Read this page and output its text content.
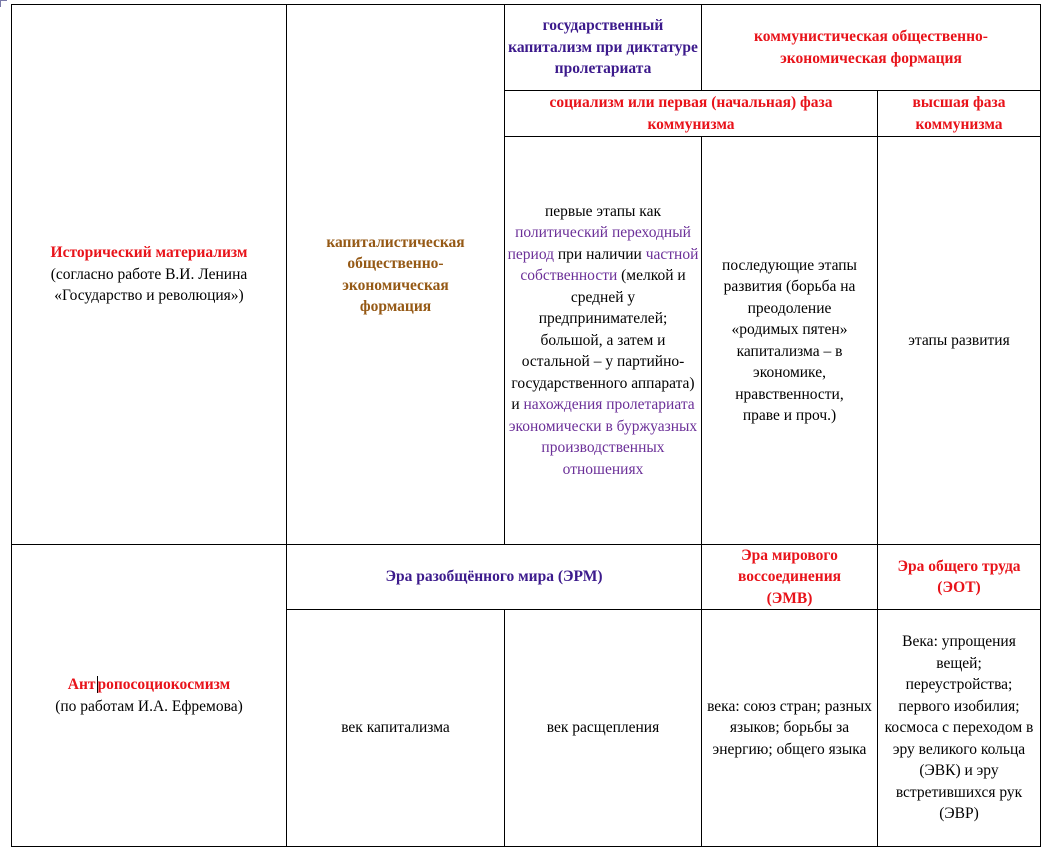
государственный капитализм при диктатуре пролетариата
коммунистическая общественно-экономическая формация
социализм или первая (начальная) фаза коммунизма
высшая фаза коммунизма
Исторический материализм
(согласно работе В.И. Ленина «Государство и революция»)
капиталистическая общественно-экономическая формация
первые этапы как политический переходный период при наличии частной собственности (мелкой и средней у предпринимателей; большой, а затем и остальной – у партийно-государственного аппарата) и нахождения пролетариата экономически в буржуазных производственных отношениях
последующие этапы развития (борьба на преодоление «родимых пятен» капитализма – в экономике, нравственности, праве и проч.)
этапы развития
Ант ропосоциокосмизм
(по работам И.А. Ефремова)
Эра разобщённого мира (ЭРМ)
Эра мирового воссоединения (ЭМВ)
Эра общего труда (ЭОТ)
век капитализма	век расщепления
века: союз стран; разных языков; борьбы за энергию; общего языка
Века: упрощения вещей; переустройства; первого изобилия; космоса с переходом в эру великого кольца (ЭВК) и эру встретившихся рук (ЭВР)
